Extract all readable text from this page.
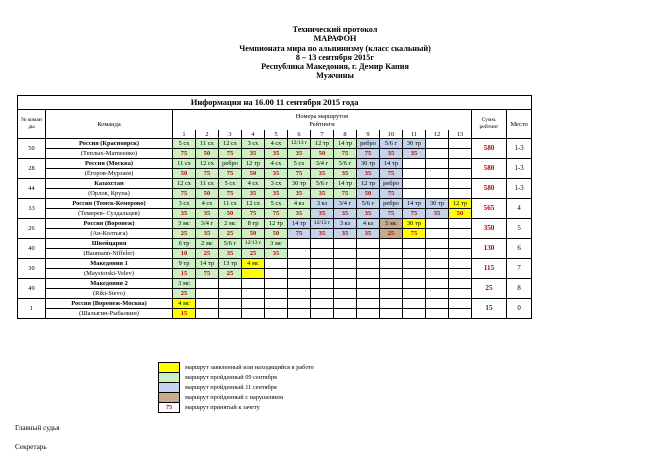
Технический протокол
МАРАФОН
Чемпионата мира по альпинизму (класс скальный)
8 – 13 сентября 2015г
Республика Македония, г. Демир Капия
Мужчины
Информация на 16.00 11 сентября 2015 года																
№ коман ды	Команда	Номера маршрутов
Рейтинги													Сумм. рейтинг	Место
		1	2	3	4	5	6	7	8	9	10	11	12	13		
50	Россия (Красноярск)	5 сх	11 сх	12 сх	3 сх	4 сх	12/13 г	12 тр	14 тр	ребро	5/6 г	30 тр			580	1-3
	(Теплых-Матвеенко)	75	50	75	35	35	35	50	75	75	35	35				
28	Россия (Москва)	11 сх	12 сх	ребро	12 тр	4 сх	5 сх	3/4 г	5/6 г	30 тр	14 тр				580	1-3
	(Егоров-Мурзаев)	50	75	75	50	35	75	35	35	35	75					
44	Казахстан	12 сх	11 сх	5 сх	4 сх	3 сх	30 тр	5/6 г	14 тр	12 тр	ребро				580	1-3
	(Орлов, Крупа)	75	50	75	35	35	35	35	75	50	75					
33	Россия (Томск-Кемерово)	3 сх	4 сх	11 сх	12 сх	5 сх	4 кз	3 кз	3/4 г	5/6 г	ребро	14 тр	30 тр	12 тр	565	4
	(Темерев- Суздальцев)	35	35	50	75	75	35	35	35	35	75	75	35	50		
26	Россия (Воронеж)	3 мс	3/4 г	2 мс	8 тр	12 тр	14 тр	12/13 г	3 кз	4 кз	5 мс	30 тр			350	5
	(Ан-Колтыга)	25	35	25	50	50	75	35	35	35	25	75				
40	Швейцария	6 тр	2 мс	5/6 г	12/13 г	3 мс									130	6
	(Baumann-Niffeler)	10	25	35	25	35										
30	Македония 1	9 тр	14 тр	13 тр	4 мс										115	7
	(Maystorski-Velev)	15	75	25												
49	Македония 2	3 мс													25	8
	(Riki-Stevo)	25														
1	Россия (Воронеж-Москва)	4 мс													15	0
	(Шалыгин-Рыбалкин)	15														
	маршрут заявленный или находящийся в работе
	маршрут пройденный 09 сентября
	маршрут пройденный 11 сентября
	маршрут пройденный с нарушением
75	маршрут принятый к зачету
Главный судья
Секретарь
